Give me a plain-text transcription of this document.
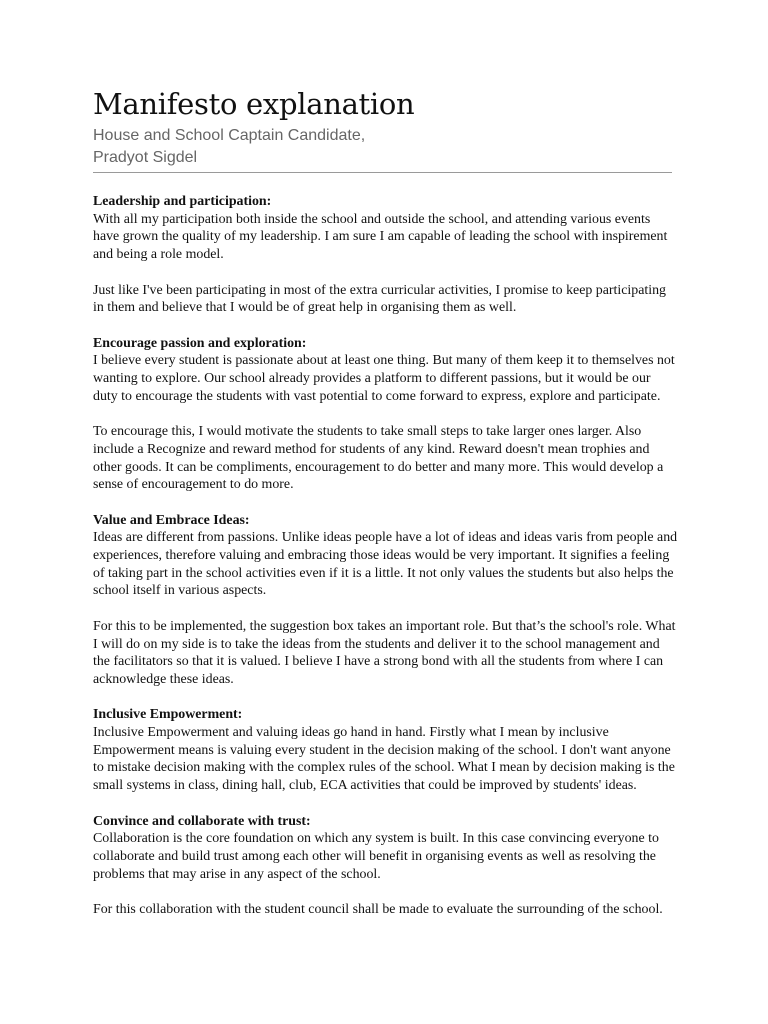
Manifesto explanation
House and School Captain Candidate,
Pradyot Sigdel
Leadership and participation:
With all my participation both inside the school and outside the school, and attending various events have grown the quality of my leadership. I am sure I am capable of leading the school with inspirement and being a role model.
Just like I've been participating in most of the extra curricular activities, I promise to keep participating in them and believe that I would be of great help in organising them as well.
Encourage passion and exploration:
I believe every student is passionate about at least one thing. But many of them keep it to themselves not wanting to explore. Our school already provides a platform to different passions, but it would be our duty to encourage the students with vast potential to come forward to express, explore and participate.
To encourage this, I would motivate the students to take small steps to take larger ones larger. Also include a Recognize and reward method for students of any kind. Reward doesn't mean trophies and other goods. It can be compliments, encouragement to do better and many more. This would develop a sense of encouragement to do more.
Value and Embrace Ideas:
Ideas are different from passions. Unlike ideas people have a lot of ideas and ideas varis from people and experiences, therefore valuing and embracing those ideas would be very important. It signifies a feeling of taking part in the school activities even if it is a little. It not only values the students but also helps the school itself in various aspects.
For this to be implemented, the suggestion box takes an important role. But that’s the school's role. What I will do on my side is to take the ideas from the students and deliver it to the school management and the facilitators so that it is valued. I believe I have a strong bond with all the students from where I can acknowledge these ideas.
Inclusive Empowerment:
Inclusive Empowerment and valuing ideas go hand in hand. Firstly what I mean by inclusive Empowerment means is valuing every student in the decision making of the school. I don't want anyone to mistake decision making with the complex rules of the school. What I mean by decision making is the small systems in class, dining hall, club, ECA activities that could be improved by students' ideas.
Convince and collaborate with trust:
Collaboration is the core foundation on which any system is built. In this case convincing everyone to collaborate and build trust among each other will benefit in organising events as well as resolving the problems that may arise in any aspect of the school.
For this collaboration with the student council shall be made to evaluate the surrounding of the school.
